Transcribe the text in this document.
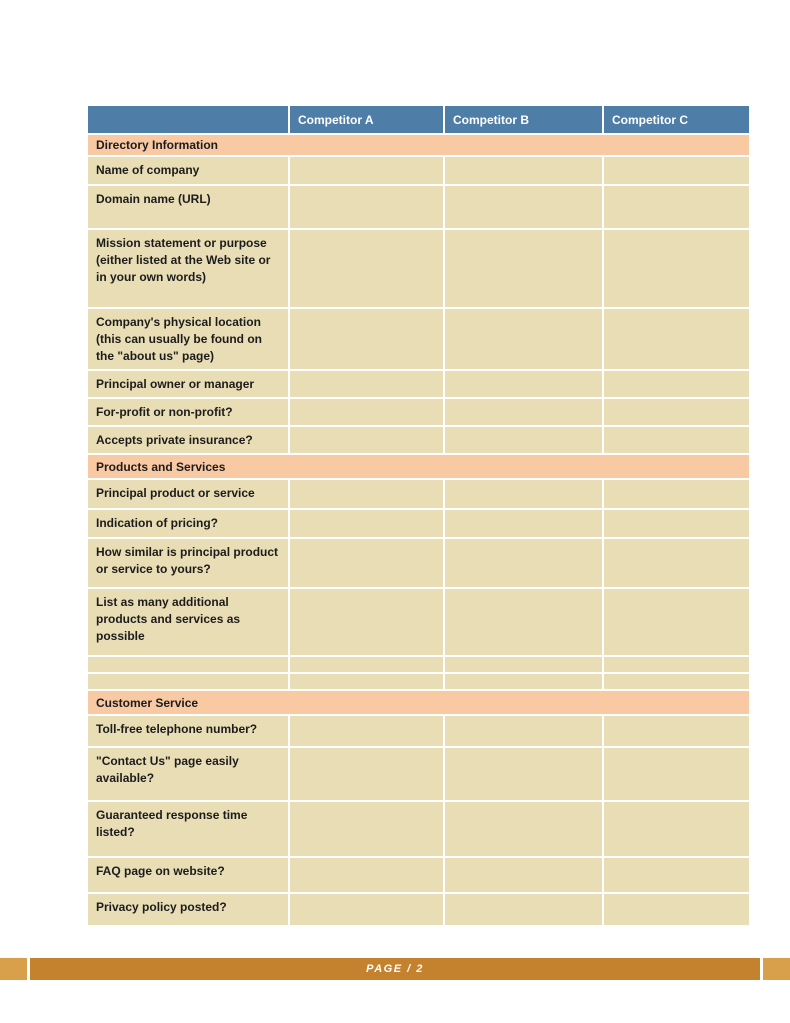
	Competitor A	Competitor B	Competitor C
Directory Information			
Name of company			
Domain name (URL)			
Mission statement or purpose (either listed at the Web site or in your own words)			
Company's physical location (this can usually be found on the "about us" page)			
Principal owner or manager			
For-profit or non-profit?			
Accepts private insurance?			
Products and Services			
Principal product or service			
Indication of pricing?			
How similar is principal product or service to yours?			
List as many additional products and services as possible			

Customer Service			
Toll-free telephone number?			
"Contact Us" page easily available?			
Guaranteed response time listed?			
FAQ page on website?			
Privacy policy posted?			
PAGE / 2
